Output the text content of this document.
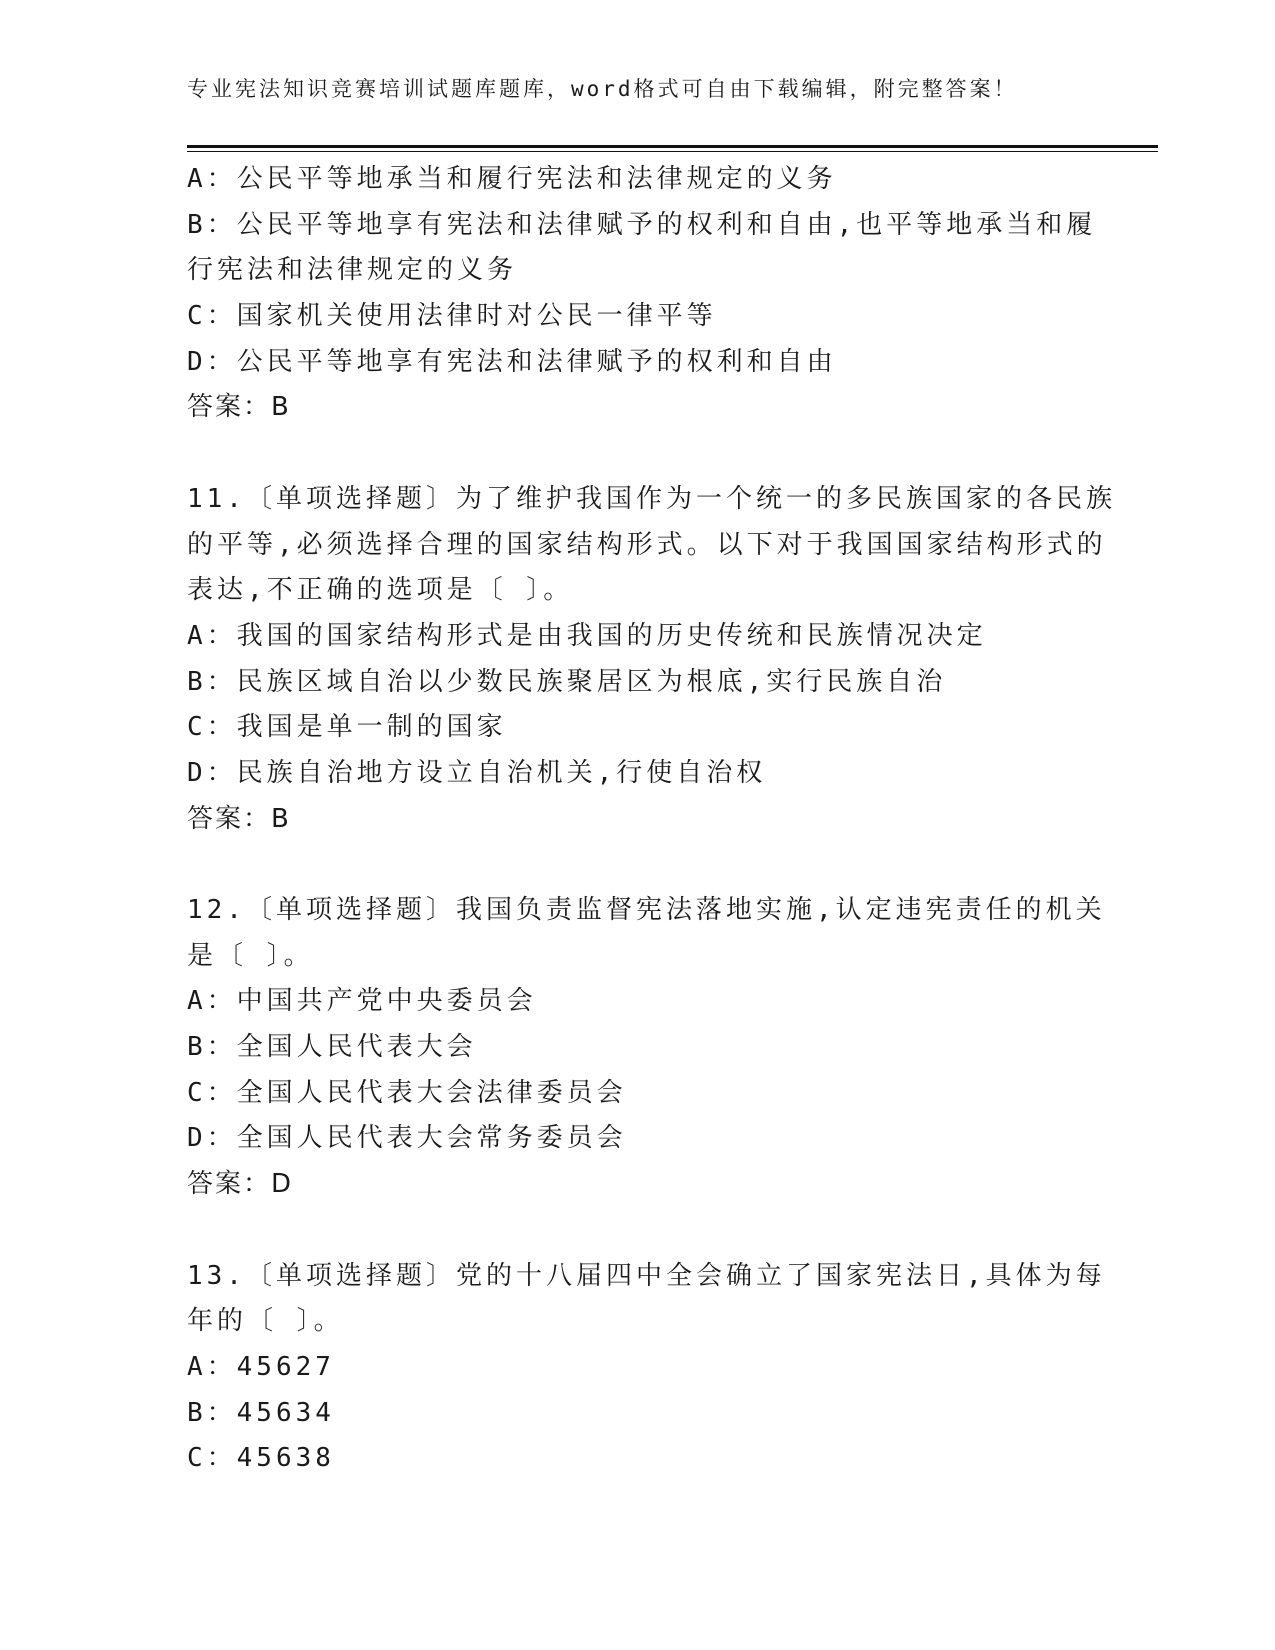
专业宪法知识竞赛培训试题库题库，word格式可自由下载编辑，附完整答案！
A：公民平等地承当和履行宪法和法律规定的义务
B：公民平等地享有宪法和法律赋予的权利和自由,也平等地承当和履
行宪法和法律规定的义务
C：国家机关使用法律时对公民一律平等
D：公民平等地享有宪法和法律赋予的权利和自由
答案：B
11.〔单项选择题〕为了维护我国作为一个统一的多民族国家的各民族
的平等,必须选择合理的国家结构形式。以下对于我国国家结构形式的
表达,不正确的选项是〔 〕。
A：我国的国家结构形式是由我国的历史传统和民族情况决定
B：民族区域自治以少数民族聚居区为根底,实行民族自治
C：我国是单一制的国家
D：民族自治地方设立自治机关,行使自治权
答案：B
12.〔单项选择题〕我国负责监督宪法落地实施,认定违宪责任的机关
是〔 〕。
A：中国共产党中央委员会
B：全国人民代表大会
C：全国人民代表大会法律委员会
D：全国人民代表大会常务委员会
答案：D
13.〔单项选择题〕党的十八届四中全会确立了国家宪法日,具体为每
年的〔 〕。
A：45627
B：45634
C：45638
